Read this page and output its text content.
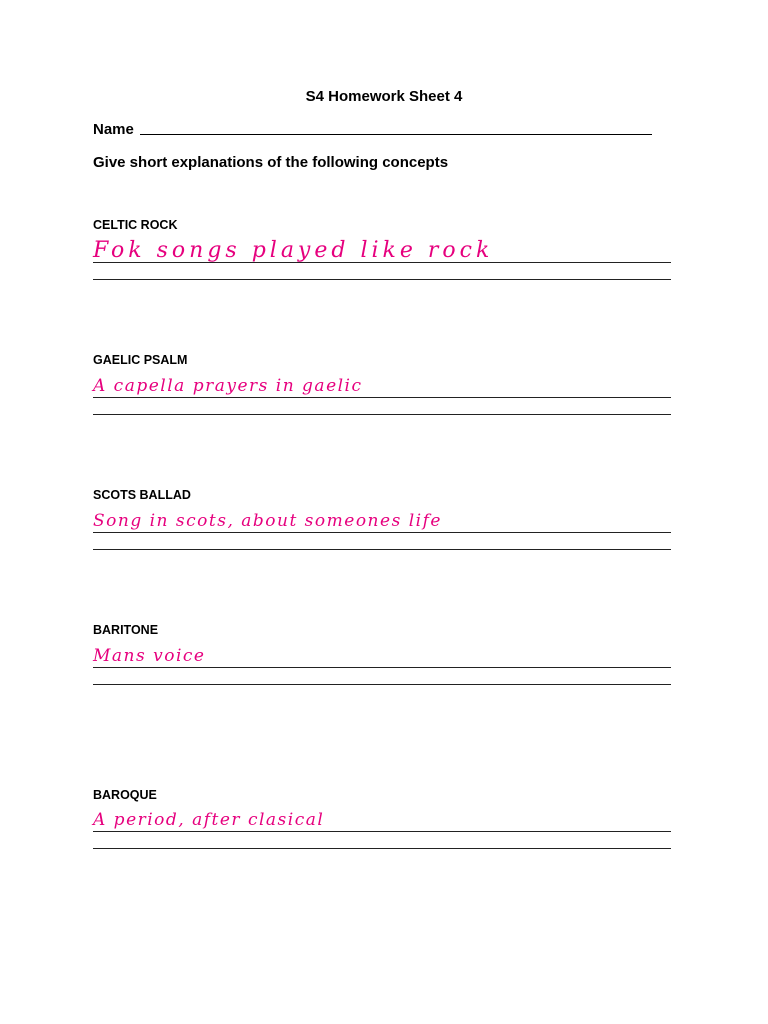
S4 Homework Sheet 4
Name
Give short explanations of the following concepts
CELTIC ROCK
Fok songs played like rock
GAELIC PSALM
A capella prayers in gaelic
SCOTS BALLAD
Song in scots, about someones life
BARITONE
Mans voice
BAROQUE
A period, after clasical
